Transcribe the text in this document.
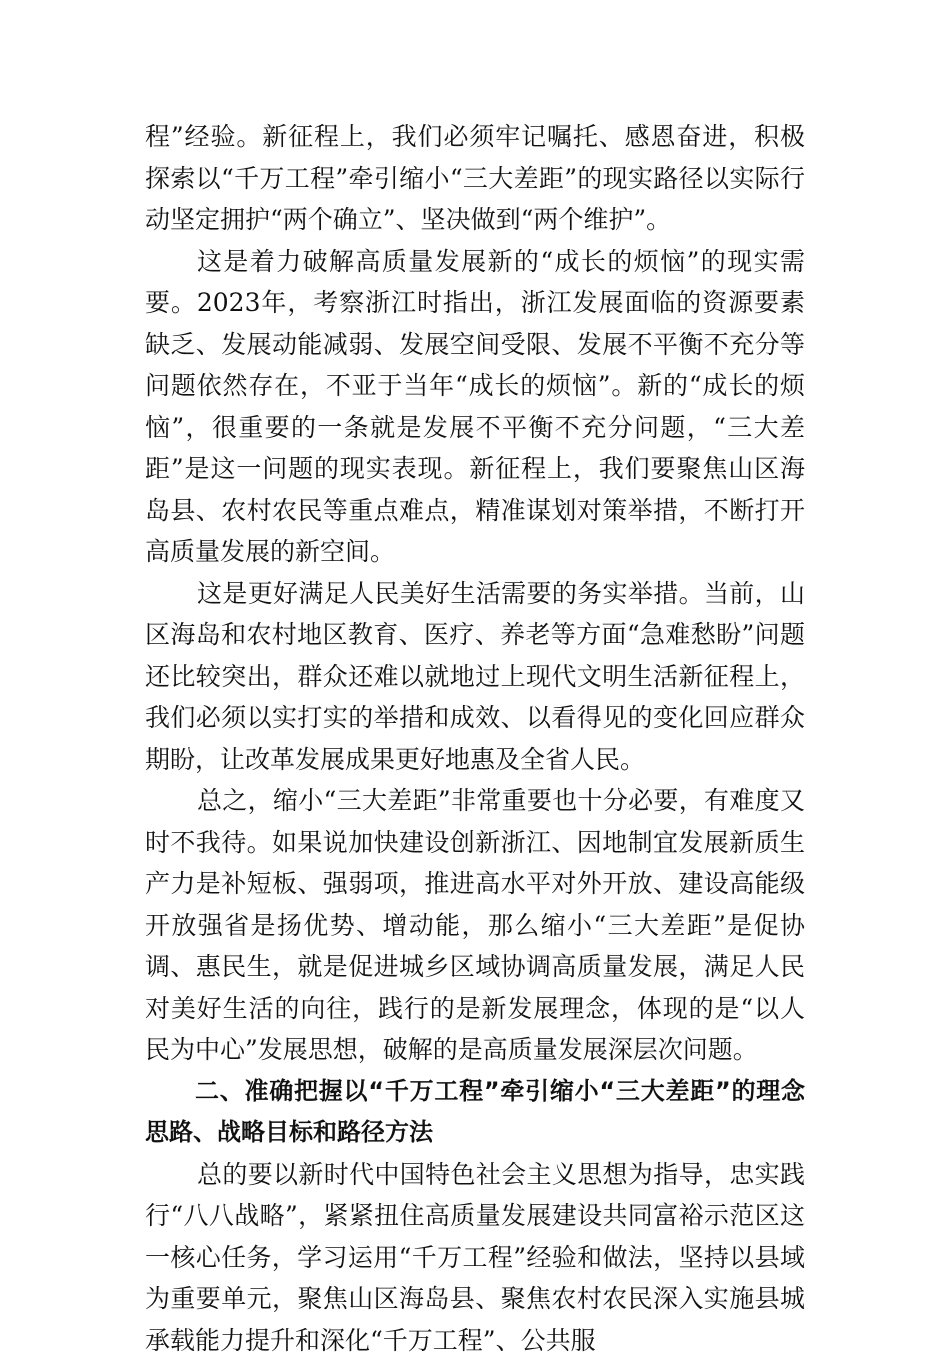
程”经验。新征程上，我们必须牢记嘱托、感恩奋进，积极探索以“千万工程”牵引缩小“三大差距”的现实路径以实际行动坚定拥护“两个确立”、坚决做到“两个维护”。

这是着力破解高质量发展新的“成长的烦恼”的现实需要。2023年，考察浙江时指出，浙江发展面临的资源要素缺乏、发展动能减弱、发展空间受限、发展不平衡不充分等问题依然存在，不亚于当年“成长的烦恼”。新的“成长的烦恼”，很重要的一条就是发展不平衡不充分问题，“三大差距”是这一问题的现实表现。新征程上，我们要聚焦山区海岛县、农村农民等重点难点，精准谋划对策举措，不断打开高质量发展的新空间。

这是更好满足人民美好生活需要的务实举措。当前，山区海岛和农村地区教育、医疗、养老等方面“急难愁盼”问题还比较突出，群众还难以就地过上现代文明生活新征程上，我们必须以实打实的举措和成效、以看得见的变化回应群众期盼，让改革发展成果更好地惠及全省人民。

总之，缩小“三大差距”非常重要也十分必要，有难度又时不我待。如果说加快建设创新浙江、因地制宜发展新质生产力是补短板、强弱项，推进高水平对外开放、建设高能级开放强省是扬优势、增动能，那么缩小“三大差距”是促协调、惠民生，就是促进城乡区域协调高质量发展，满足人民对美好生活的向往，践行的是新发展理念，体现的是“以人民为中心”发展思想，破解的是高质量发展深层次问题。

二、准确把握以“千万工程”牵引缩小“三大差距”的理念思路、战略目标和路径方法

总的要以新时代中国特色社会主义思想为指导，忠实践行“八八战略”，紧紧扭住高质量发展建设共同富裕示范区这一核心任务，学习运用“千万工程”经验和做法，坚持以县域为重要单元，聚焦山区海岛县、聚焦农村农民深入实施县城承载能力提升和深化“千万工程”、公共服
